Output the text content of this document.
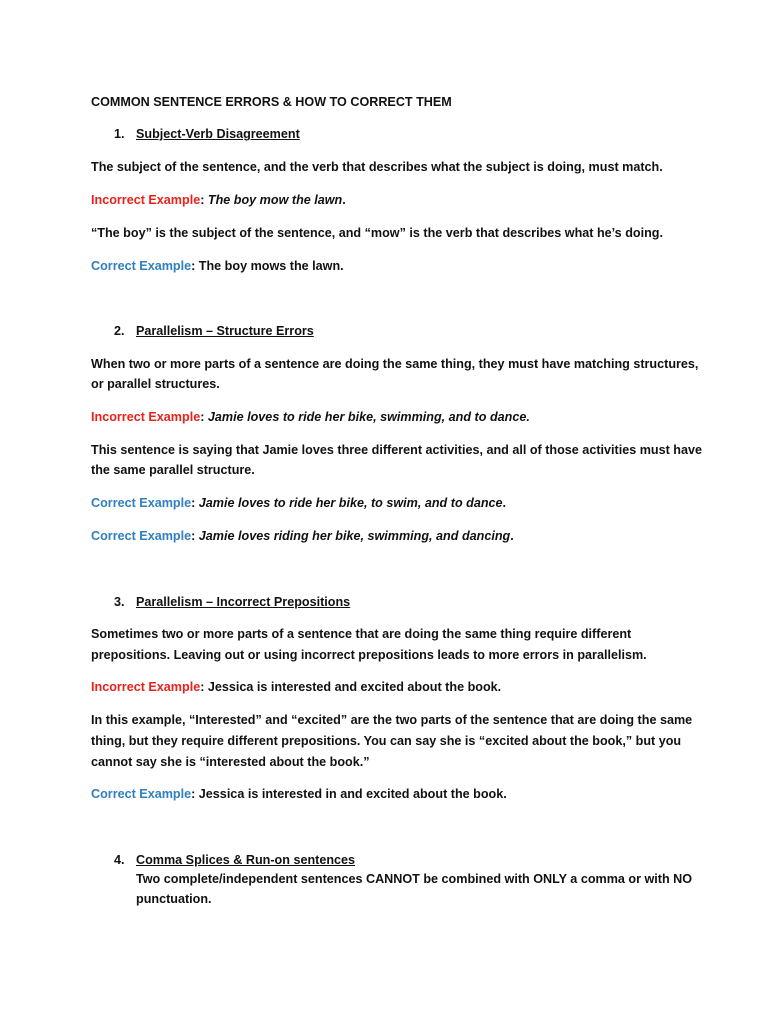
COMMON SENTENCE ERRORS & HOW TO CORRECT THEM

1. Subject-Verb Disagreement

The subject of the sentence, and the verb that describes what the subject is doing, must match.

Incorrect Example: The boy mow the lawn.

“The boy” is the subject of the sentence, and “mow” is the verb that describes what he’s doing.

Correct Example: The boy mows the lawn.

2. Parallelism – Structure Errors

When two or more parts of a sentence are doing the same thing, they must have matching structures,

or parallel structures.

Incorrect Example: Jamie loves to ride her bike, swimming, and to dance.

This sentence is saying that Jamie loves three different activities, and all of those activities must have

the same parallel structure.

Correct Example: Jamie loves to ride her bike, to swim, and to dance.

Correct Example: Jamie loves riding her bike, swimming, and dancing.

3. Parallelism – Incorrect Prepositions

Sometimes two or more parts of a sentence that are doing the same thing require different

prepositions. Leaving out or using incorrect prepositions leads to more errors in parallelism.

Incorrect Example: Jessica is interested and excited about the book.

In this example, “Interested” and “excited” are the two parts of the sentence that are doing the same

thing, but they require different prepositions. You can say she is “excited about the book,” but you

cannot say she is “interested about the book.”

Correct Example: Jessica is interested in and excited about the book.

4. Comma Splices & Run-on sentences

Two complete/independent sentences CANNOT be combined with ONLY a comma or with NO

punctuation.
